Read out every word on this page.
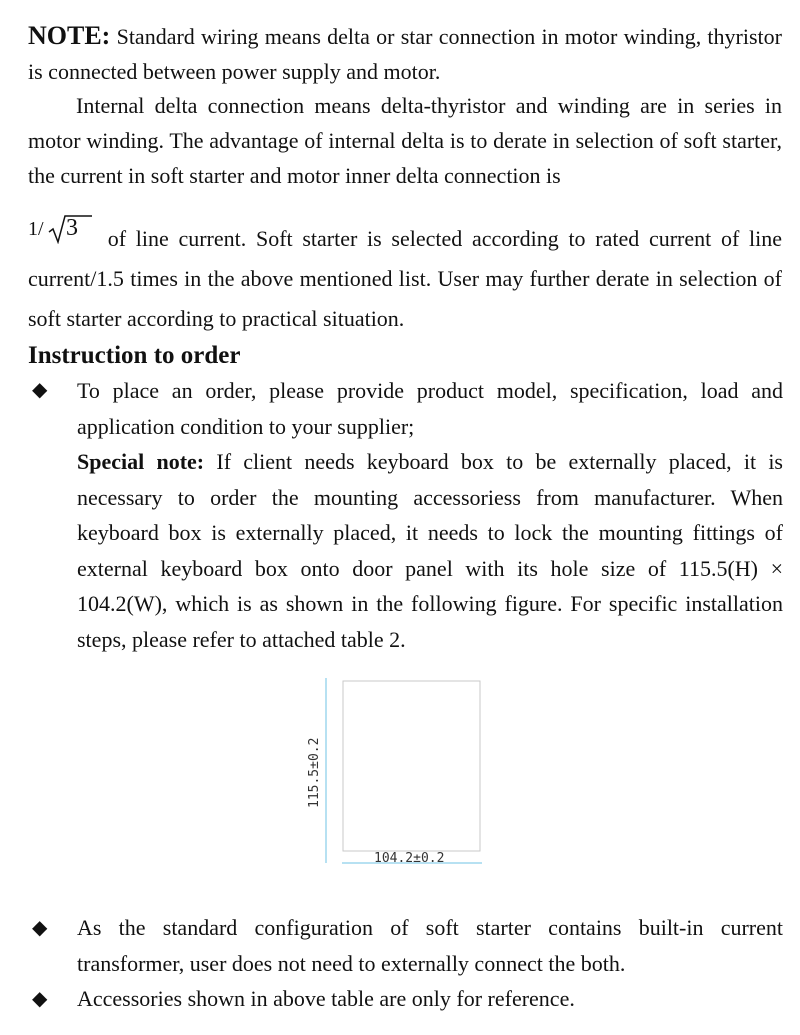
NOTE: Standard wiring means delta or star connection in motor winding, thyristor is connected between power supply and motor.
Internal delta connection means delta-thyristor and winding are in series in motor winding. The advantage of internal delta is to derate in selection of soft starter, the current in soft starter and motor inner delta connection is
1/ 3 of line current. Soft starter is selected according to rated current of line current/1.5 times in the above mentioned list. User may further derate in selection of soft starter according to practical situation.
Instruction to order
◆ To place an order, please provide product model, specification, load and application condition to your supplier;
Special note: If client needs keyboard box to be externally placed, it is necessary to order the mounting accessoriess from manufacturer. When keyboard box is externally placed, it needs to lock the mounting fittings of external keyboard box onto door panel with its hole size of 115.5(H) × 104.2(W), which is as shown in the following figure. For specific installation steps, please refer to attached table 2.
115.5±0.2
104.2±0.2
◆ As the standard configuration of soft starter contains built-in current transformer, user does not need to externally connect the both.
◆ Accessories shown in above table are only for reference.
